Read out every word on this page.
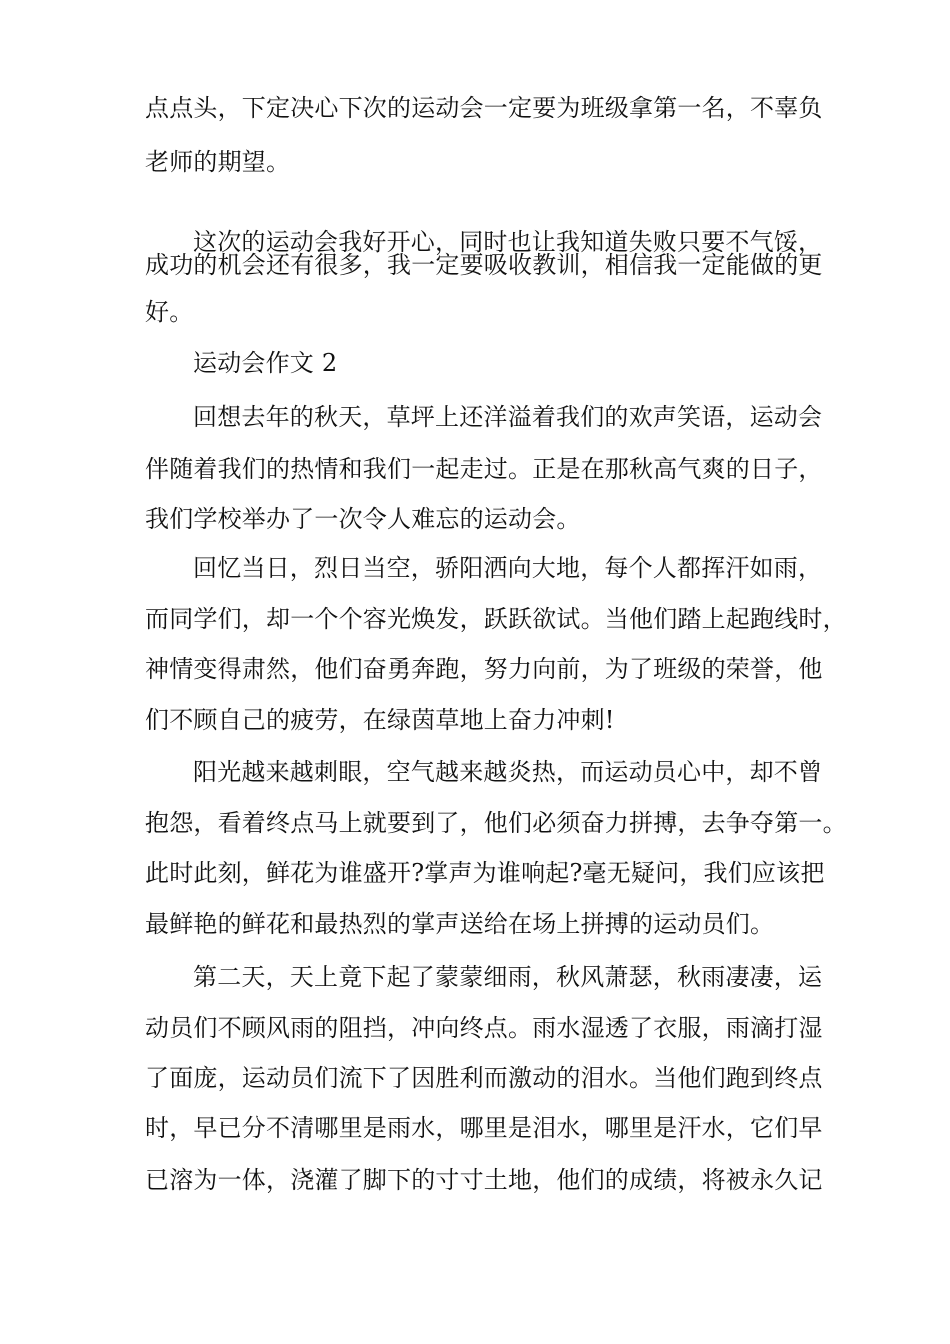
点点头，下定决心下次的运动会一定要为班级拿第一名，不辜负
老师的期望。
这次的运动会我好开心，同时也让我知道失败只要不气馁，
成功的机会还有很多，我一定要吸收教训，相信我一定能做的更
好。
运动会作文 2
回想去年的秋天，草坪上还洋溢着我们的欢声笑语，运动会
伴随着我们的热情和我们一起走过。正是在那秋高气爽的日子，
我们学校举办了一次令人难忘的运动会。
回忆当日，烈日当空，骄阳洒向大地，每个人都挥汗如雨，
而同学们，却一个个容光焕发，跃跃欲试。当他们踏上起跑线时，
神情变得肃然，他们奋勇奔跑，努力向前，为了班级的荣誉，他
们不顾自己的疲劳，在绿茵草地上奋力冲刺!
阳光越来越刺眼，空气越来越炎热，而运动员心中，却不曾
抱怨，看着终点马上就要到了，他们必须奋力拼搏，去争夺第一。
此时此刻，鲜花为谁盛开?掌声为谁响起?毫无疑问，我们应该把
最鲜艳的鲜花和最热烈的掌声送给在场上拼搏的运动员们。
第二天，天上竟下起了蒙蒙细雨，秋风萧瑟，秋雨凄凄，运
动员们不顾风雨的阻挡，冲向终点。雨水湿透了衣服，雨滴打湿
了面庞，运动员们流下了因胜利而激动的泪水。当他们跑到终点
时，早已分不清哪里是雨水，哪里是泪水，哪里是汗水，它们早
已溶为一体，浇灌了脚下的寸寸土地，他们的成绩，将被永久记
